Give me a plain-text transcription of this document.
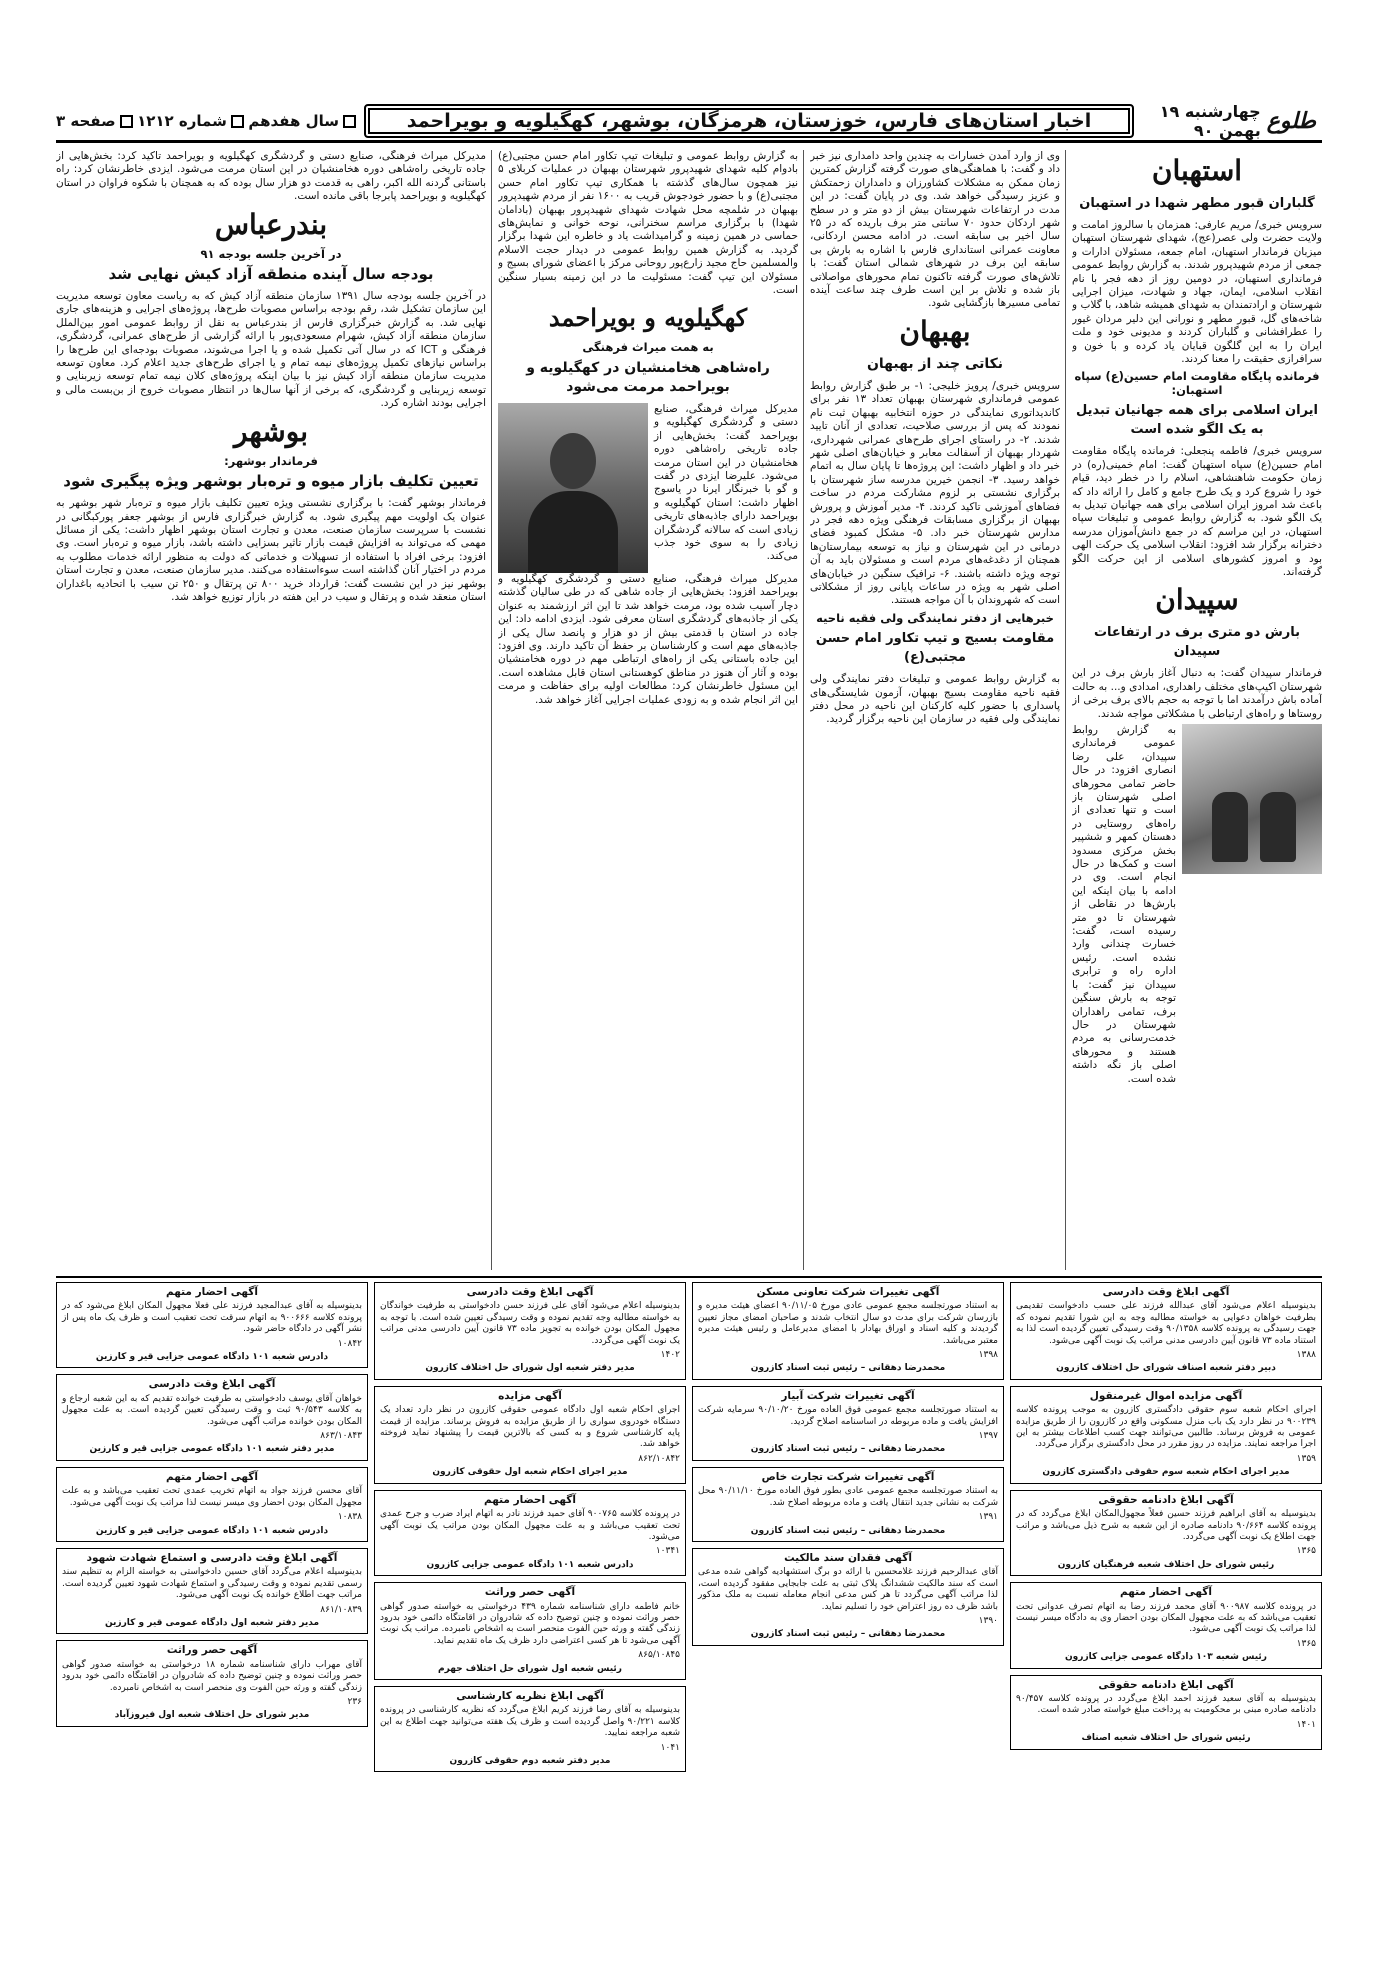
طلوع
چهارشنبه ۱۹ بهمن ۹۰
اخبار استان‌های فارس، خوزستان، هرمزگان، بوشهر، کهگیلویه و بویراحمد
سال هفدهم
شماره ۱۲۱۲
صفحه ۳
استهبان
گلباران قبور مطهر شهدا در استهبان

سرویس خبری/ مریم عارفی: همزمان با سالروز امامت و ولایت حضرت ولی عصر(عج)، شهدای شهرستان استهبان میزبان فرماندار استهبان، امام جمعه، مسئولان ادارات و جمعی از مردم شهیدپرور شدند. به گزارش روابط عمومی فرمانداری استهبان، در دومین روز از دهه فجر با نام انقلاب اسلامی، ایمان، جهاد و شهادت، میزان اجرایی شهرستان و ارادتمندان به شهدای همیشه شاهد، با گلاب و شاخه‌های گل، قبور مطهر و نورانی این دلیر مردان غیور را عطرافشانی و گلباران کردند و مدیونی خود و ملت ایران را به این گلگون قبایان یاد کرده و با خون و سرافرازی حقیقت را معنا کردند.

فرمانده پایگاه مقاومت امام حسین(ع) سپاه استهبان:
ایران اسلامی برای همه جهانیان تبدیل به یک الگو شده است

سرویس خبری/ فاطمه پنجعلی: فرمانده پایگاه مقاومت امام حسین(ع) سپاه استهبان گفت: امام خمینی(ره) در زمان حکومت شاهنشاهی، اسلام را در خطر دید، قیام خود را شروع کرد و یک طرح جامع و کامل را ارائه داد که باعث شد امروز ایران اسلامی برای همه جهانیان تبدیل به یک الگو شود. به گزارش روابط عمومی و تبلیغات سپاه استهبان، در این مراسم که در جمع دانش‌آموزان مدرسه دخترانه برگزار شد افزود: انقلاب اسلامی یک حرکت الهی بود و امروز کشورهای اسلامی از این حرکت الگو گرفته‌اند.

سپیدان
بارش دو متری برف در ارتفاعات سپیدان

فرماندار سپیدان گفت: به دنبال آغاز بارش برف در این شهرستان اکیپ‌های مختلف راهداری، امدادی و... به حالت آماده باش درآمدند اما با توجه به حجم بالای برف برخی از روستاها و راه‌های ارتباطی با مشکلاتی مواجه شدند.

به گزارش روابط عمومی فرمانداری سپیدان، علی رضا انصاری افزود: در حال حاضر تمامی محورهای اصلی شهرستان باز است و تنها تعدادی از راه‌های روستایی در دهستان کمهر و ششپیر بخش مرکزی مسدود است و کمک‌ها در حال انجام است. وی در ادامه با بیان اینکه این بارش‌ها در نقاطی از شهرستان تا دو متر رسیده است، گفت: خسارت چندانی وارد نشده است. رئیس اداره راه و ترابری سپیدان نیز گفت: با توجه به بارش سنگین برف، تمامی راهداران شهرستان در حال خدمت‌رسانی به مردم هستند و محورهای اصلی باز نگه داشته شده است.

وی از وارد آمدن خسارات به چندین واحد دامداری نیز خبر داد و گفت: با هماهنگی‌های صورت گرفته گزارش کمترین زمان ممکن به مشکلات کشاورزان و دامداران زحمتکش و عزیز رسیدگی خواهد شد. وی در پایان گفت: در این مدت در ارتفاعات شهرستان بیش از دو متر و در سطح شهر اردکان حدود ۷۰ سانتی متر برف باریده که در ۲۵ سال اخیر بی سابقه است. در ادامه محسن اردکانی، معاونت عمرانی استانداری فارس با اشاره به بارش بی سابقه این برف در شهرهای شمالی استان گفت: با تلاش‌های صورت گرفته تاکنون تمام محورهای مواصلاتی باز شده و تلاش بر این است طرف چند ساعت آینده تمامی مسیرها بازگشایی شود.

بهبهان
نکاتی چند از بهبهان

سرویس خبری/ پرویز خلیجی: ۱- بر طبق گزارش روابط عمومی فرمانداری شهرستان بهبهان تعداد ۱۳ نفر برای کاندیداتوری نمایندگی در حوزه انتخابیه بهبهان ثبت نام نمودند که پس از بررسی صلاحیت، تعدادی از آنان تایید شدند. ۲- در راستای اجرای طرح‌های عمرانی شهرداری، شهردار بهبهان از آسفالت معابر و خیابان‌های اصلی شهر خبر داد و اظهار داشت: این پروژه‌ها تا پایان سال به اتمام خواهد رسید. ۳- انجمن خیرین مدرسه ساز شهرستان با برگزاری نشستی بر لزوم مشارکت مردم در ساخت فضاهای آموزشی تاکید کردند. ۴- مدیر آموزش و پرورش بهبهان از برگزاری مسابقات فرهنگی ویژه دهه فجر در مدارس شهرستان خبر داد. ۵- مشکل کمبود فضای درمانی در این شهرستان و نیاز به توسعه بیمارستان‌ها همچنان از دغدغه‌های مردم است و مسئولان باید به آن توجه ویژه داشته باشند. ۶- ترافیک سنگین در خیابان‌های اصلی شهر به ویژه در ساعات پایانی روز از مشکلاتی است که شهروندان با آن مواجه هستند.

خبرهایی از دفتر نمایندگی ولی فقیه ناحیه
مقاومت بسیج و تیپ تکاور امام حسن مجتبی(ع)

به گزارش روابط عمومی و تبلیغات دفتر نمایندگی ولی فقیه ناحیه مقاومت بسیج بهبهان، آزمون شایستگی‌های پاسداری با حضور کلیه کارکنان این ناحیه در محل دفتر نمایندگی ولی فقیه در سازمان این ناحیه برگزار گردید.

به گزارش روابط عمومی و تبلیغات تیپ تکاور امام حسن مجتبی(ع) بادوام کلیه شهدای شهیدپرور شهرستان بهبهان در عملیات کربلای ۵ نیز همچون سال‌های گذشته با همکاری تیپ تکاور امام حسن مجتبی(ع) و با حضور خودجوش قریب به ۱۶۰۰ نفر از مردم شهیدپرور بهبهان در شلمچه محل شهادت شهدای شهیدپرور بهبهان (بادامان شهدا) با برگزاری مراسم سخنرانی، نوحه خوانی و نمایش‌های حماسی در همین زمینه و گرامیداشت یاد و خاطره این شهدا برگزار گردید. به گزارش همین روابط عمومی در دیدار حجت الاسلام والمسلمین حاج مجید زارع‌پور روحانی مرکز با اعضای شورای بسیج و مسئولان این تیپ گفت: مسئولیت ما در این زمینه بسیار سنگین است.

کهگیلویه و بویراحمد
به همت میراث فرهنگی
راه‌شاهی هخامنشیان در کهگیلویه و بویراحمد مرمت می‌شود

مدیرکل میراث فرهنگی، صنایع دستی و گردشگری کهگیلویه و بویراحمد گفت: بخش‌هایی از جاده تاریخی راه‌شاهی دوره هخامنشیان در این استان مرمت می‌شود. علیرضا ایزدی در گفت و گو با خبرنگار ایرنا در یاسوج اظهار داشت: استان کهگیلویه و بویراحمد دارای جاذبه‌های تاریخی زیادی است که سالانه گردشگران زیادی را به سوی خود جذب می‌کند.

مدیرکل میراث فرهنگی، صنایع دستی و گردشگری کهگیلویه و بویراحمد افزود: بخش‌هایی از جاده شاهی که در طی سالیان گذشته دچار آسیب شده بود، مرمت خواهد شد تا این اثر ارزشمند به عنوان یکی از جاذبه‌های گردشگری استان معرفی شود. ایزدی ادامه داد: این جاده در استان با قدمتی بیش از دو هزار و پانصد سال یکی از جاذبه‌های مهم است و کارشناسان بر حفظ آن تاکید دارند. وی افزود: این جاده باستانی یکی از راه‌های ارتباطی مهم در دوره هخامنشیان بوده و آثار آن هنوز در مناطق کوهستانی استان قابل مشاهده است. این مسئول خاطرنشان کرد: مطالعات اولیه برای حفاظت و مرمت این اثر انجام شده و به زودی عملیات اجرایی آغاز خواهد شد.

مدیرکل میراث فرهنگی، صنایع دستی و گردشگری کهگیلویه و بویراحمد تاکید کرد: بخش‌هایی از جاده تاریخی راه‌شاهی دوره هخامنشیان در این استان مرمت می‌شود. ایزدی خاطرنشان کرد: راه باستانی گردنه الله اکبر، راهی به قدمت دو هزار سال بوده که به همچنان با شکوه فراوان در استان کهگیلویه و بویراحمد پابرجا باقی مانده است.

بندرعباس
در آخرین جلسه بودجه ۹۱
بودجه سال آینده منطقه آزاد کیش نهایی شد

در آخرین جلسه بودجه سال ۱۳۹۱ سازمان منطقه آزاد کیش که به ریاست معاون توسعه مدیریت این سازمان تشکیل شد، رقم بودجه براساس مصوبات طرح‌ها، پروژه‌های اجرایی و هزینه‌های جاری نهایی شد. به گزارش خبرگزاری فارس از بندرعباس به نقل از روابط عمومی امور بین‌الملل سازمان منطقه آزاد کیش، شهرام مسعودی‌پور با ارائه گزارشی از طرح‌های عمرانی، گردشگری، فرهنگی و ICT که در سال آتی تکمیل شده و یا اجرا می‌شوند، مصوبات بودجه‌ای این طرح‌ها را براساس نیازهای تکمیل پروژه‌های نیمه تمام و یا اجرای طرح‌های جدید اعلام کرد. معاون توسعه مدیریت سازمان منطقه آزاد کیش نیز با بیان اینکه پروژه‌های کلان نیمه تمام توسعه زیربنایی و توسعه زیربنایی و گردشگری، که برخی از آنها سال‌ها در انتظار مصوبات خروج از بن‌بست مالی و اجرایی بودند اشاره کرد.

بوشهر
فرماندار بوشهر:
تعیین تکلیف بازار میوه و تره‌بار بوشهر ویژه پیگیری شود

فرماندار بوشهر گفت: با برگزاری نشستی ویژه تعیین تکلیف بازار میوه و تره‌بار شهر بوشهر به عنوان یک اولویت مهم پیگیری شود. به گزارش خبرگزاری فارس از بوشهر جعفر پورکبگانی در نشست با سرپرست سازمان صنعت، معدن و تجارت استان بوشهر اظهار داشت: یکی از مسائل مهمی که می‌تواند به افزایش قیمت بازار تاثیر بسزایی داشته باشد، بازار میوه و تره‌بار است. وی افزود: برخی افراد با استفاده از تسهیلات و خدماتی که دولت به منظور ارائه خدمات مطلوب به مردم در اختیار آنان گذاشته است سوءاستفاده می‌کنند. مدیر سازمان صنعت، معدن و تجارت استان بوشهر نیز در این نشست گفت: قرارداد خرید ۸۰۰ تن پرتقال و ۲۵۰ تن سیب با اتحادیه باغداران استان منعقد شده و پرتقال و سیب در این هفته در بازار توزیع خواهد شد.

آگهی ابلاغ وقت دادرسی
بدینوسیله اعلام می‌شود آقای عبدالله فرزند علی حسب دادخواست تقدیمی بطرفیت خواهان دعوایی به خواسته مطالبه وجه به این شورا تقدیم نموده که جهت رسیدگی به پرونده کلاسه ۹۰/۱۳۵۸ وقت رسیدگی تعیین گردیده است لذا به استناد ماده ۷۳ قانون آیین دادرسی مدنی مراتب یک نوبت آگهی می‌شود.
۱۳۸۸
دبیر دفتر شعبه اصناف شورای حل اختلاف کازرون
آگهی مزایده اموال غیرمنقول
اجرای احکام شعبه سوم حقوقی دادگستری کازرون به موجب پرونده کلاسه ۹۰۰۲۳۹ در نظر دارد یک باب منزل مسکونی واقع در کازرون را از طریق مزایده عمومی به فروش برساند. طالبین می‌توانند جهت کسب اطلاعات بیشتر به این اجرا مراجعه نمایند. مزایده در روز مقرر در محل دادگستری برگزار می‌گردد.
۱۳۵۹
مدیر اجرای احکام شعبه سوم حقوقی دادگستری کازرون
آگهی ابلاغ دادنامه حقوقی
بدینوسیله به آقای ابراهیم فرزند حسین فعلاً مجهول‌المکان ابلاغ می‌گردد که در پرونده کلاسه ۹۰/۶۶۴ دادنامه صادره از این شعبه به شرح ذیل می‌باشد و مراتب جهت اطلاع یک نوبت آگهی می‌گردد.
۱۳۶۵
رئیس شورای حل اختلاف شعبه فرهنگیان کازرون
آگهی احضار متهم
در پرونده کلاسه ۹۰۰۹۸۷ آقای محمد فرزند رضا به اتهام تصرف عدوانی تحت تعقیب می‌باشد که به علت مجهول المکان بودن احضار وی به دادگاه میسر نیست لذا مراتب یک نوبت آگهی می‌شود.
۱۳۶۵
رئیس شعبه ۱۰۳ دادگاه عمومی جزایی کازرون
آگهی ابلاغ دادنامه حقوقی
بدینوسیله به آقای سعید فرزند احمد ابلاغ می‌گردد در پرونده کلاسه ۹۰/۴۵۷ دادنامه صادره مبنی بر محکومیت به پرداخت مبلغ خواسته صادر شده است.
۱۴۰۱
رئیس شورای حل اختلاف شعبه اصناف
آگهی تغییرات شرکت تعاونی مسکن
به استناد صورتجلسه مجمع عمومی عادی مورخ ۹۰/۱۱/۰۵ اعضای هیئت مدیره و بازرسان شرکت برای مدت دو سال انتخاب شدند و صاحبان امضای مجاز تعیین گردیدند و کلیه اسناد و اوراق بهادار با امضای مدیرعامل و رئیس هیئت مدیره معتبر می‌باشد.
۱۳۹۸
محمدرضا دهقانی – رئیس ثبت اسناد کازرون
آگهی تغییرات شرکت آبیار
به استناد صورتجلسه مجمع عمومی فوق العاده مورخ ۹۰/۱۰/۲۰ سرمایه شرکت افزایش یافت و ماده مربوطه در اساسنامه اصلاح گردید.
۱۳۹۷
محمدرضا دهقانی – رئیس ثبت اسناد کازرون
آگهی تغییرات شرکت تجارت خاص
به استناد صورتجلسه مجمع عمومی عادی بطور فوق العاده مورخ ۹۰/۱۱/۱۰ محل شرکت به نشانی جدید انتقال یافت و ماده مربوطه اصلاح شد.
۱۳۹۱
محمدرضا دهقانی – رئیس ثبت اسناد کازرون
آگهی فقدان سند مالکیت
آقای عبدالرحیم فرزند غلامحسین با ارائه دو برگ استشهادیه گواهی شده مدعی است که سند مالکیت ششدانگ پلاک ثبتی به علت جابجایی مفقود گردیده است، لذا مراتب آگهی می‌گردد تا هر کس مدعی انجام معامله نسبت به ملک مذکور باشد ظرف ده روز اعتراض خود را تسلیم نماید.
۱۳۹۰
محمدرضا دهقانی – رئیس ثبت اسناد کازرون
آگهی ابلاغ وقت دادرسی
بدینوسیله اعلام می‌شود آقای علی فرزند حسن دادخواستی به طرفیت خواندگان به خواسته مطالبه وجه تقدیم نموده و وقت رسیدگی تعیین شده است. با توجه به مجهول المکان بودن خوانده به تجویز ماده ۷۳ قانون آیین دادرسی مدنی مراتب یک نوبت آگهی می‌گردد.
۱۴۰۲
مدیر دفتر شعبه اول شورای حل اختلاف کازرون
آگهی مزایده
اجرای احکام شعبه اول دادگاه عمومی حقوقی کازرون در نظر دارد تعداد یک دستگاه خودروی سواری را از طریق مزایده به فروش برساند. مزایده از قیمت پایه کارشناسی شروع و به کسی که بالاترین قیمت را پیشنهاد نماید فروخته خواهد شد.
۸۶۲/۱۰۸۴۲
مدیر اجرای احکام شعبه اول حقوقی کازرون
آگهی احضار متهم
در پرونده کلاسه ۹۰۰۷۶۵ آقای حمید فرزند نادر به اتهام ایراد ضرب و جرح عمدی تحت تعقیب می‌باشد و به علت مجهول المکان بودن مراتب یک نوبت آگهی می‌شود.
۱۰۳۴۱
دادرس شعبه ۱۰۱ دادگاه عمومی جزایی کازرون
آگهی حصر وراثت
خانم فاطمه دارای شناسنامه شماره ۴۳۹ درخواستی به خواسته صدور گواهی حصر وراثت نموده و چنین توضیح داده که شادروان در اقامتگاه دائمی خود بدرود زندگی گفته و ورثه حین الفوت منحصر است به اشخاص نامبرده. مراتب یک نوبت آگهی می‌شود تا هر کسی اعتراضی دارد ظرف یک ماه تقدیم نماید.
۸۶۵/۱۰۸۴۵
رئیس شعبه اول شورای حل اختلاف جهرم
آگهی ابلاغ نظریه کارشناسی
بدینوسیله به آقای رضا فرزند کریم ابلاغ می‌گردد که نظریه کارشناسی در پرونده کلاسه ۹۰/۲۲۱ واصل گردیده است و ظرف یک هفته می‌توانید جهت اطلاع به این شعبه مراجعه نمایید.
۱۰۴۱
مدیر دفتر شعبه دوم حقوقی کازرون
آگهی احضار متهم
بدینوسیله به آقای عبدالمجید فرزند علی فعلا مجهول المکان ابلاغ می‌شود که در پرونده کلاسه ۹۰۰۶۶۶ به اتهام سرقت تحت تعقیب است و ظرف یک ماه پس از نشر آگهی در دادگاه حاضر شود.
۱۰۸۴۲
دادرس شعبه ۱۰۱ دادگاه عمومی جزایی قیر و کارزین
آگهی ابلاغ وقت دادرسی
خواهان آقای یوسف دادخواستی به طرفیت خوانده تقدیم که به این شعبه ارجاع و به کلاسه ۹۰/۵۴۳ ثبت و وقت رسیدگی تعیین گردیده است. به علت مجهول المکان بودن خوانده مراتب آگهی می‌شود.
۸۶۳/۱۰۸۴۳
مدیر دفتر شعبه ۱۰۱ دادگاه عمومی جزایی قیر و کارزین
آگهی احضار متهم
آقای محسن فرزند جواد به اتهام تخریب عمدی تحت تعقیب می‌باشد و به علت مجهول المکان بودن احضار وی میسر نیست لذا مراتب یک نوبت آگهی می‌شود.
۱۰۸۳۸
دادرس شعبه ۱۰۱ دادگاه عمومی جزایی قیر و کارزین
آگهی ابلاغ وقت دادرسی و استماع شهادت شهود
بدینوسیله اعلام می‌گردد آقای حسین دادخواستی به خواسته الزام به تنظیم سند رسمی تقدیم نموده و وقت رسیدگی و استماع شهادت شهود تعیین گردیده است. مراتب جهت اطلاع خوانده یک نوبت آگهی می‌شود.
۸۶۱/۱۰۸۳۹
مدیر دفتر شعبه اول دادگاه عمومی قیر و کارزین
آگهی حصر وراثت
آقای مهراب دارای شناسنامه شماره ۱۸ درخواستی به خواسته صدور گواهی حصر وراثت نموده و چنین توضیح داده که شادروان در اقامتگاه دائمی خود بدرود زندگی گفته و ورثه حین الفوت وی منحصر است به اشخاص نامبرده.
۲۳۶
مدیر شورای حل اختلاف شعبه اول فیروزآباد
